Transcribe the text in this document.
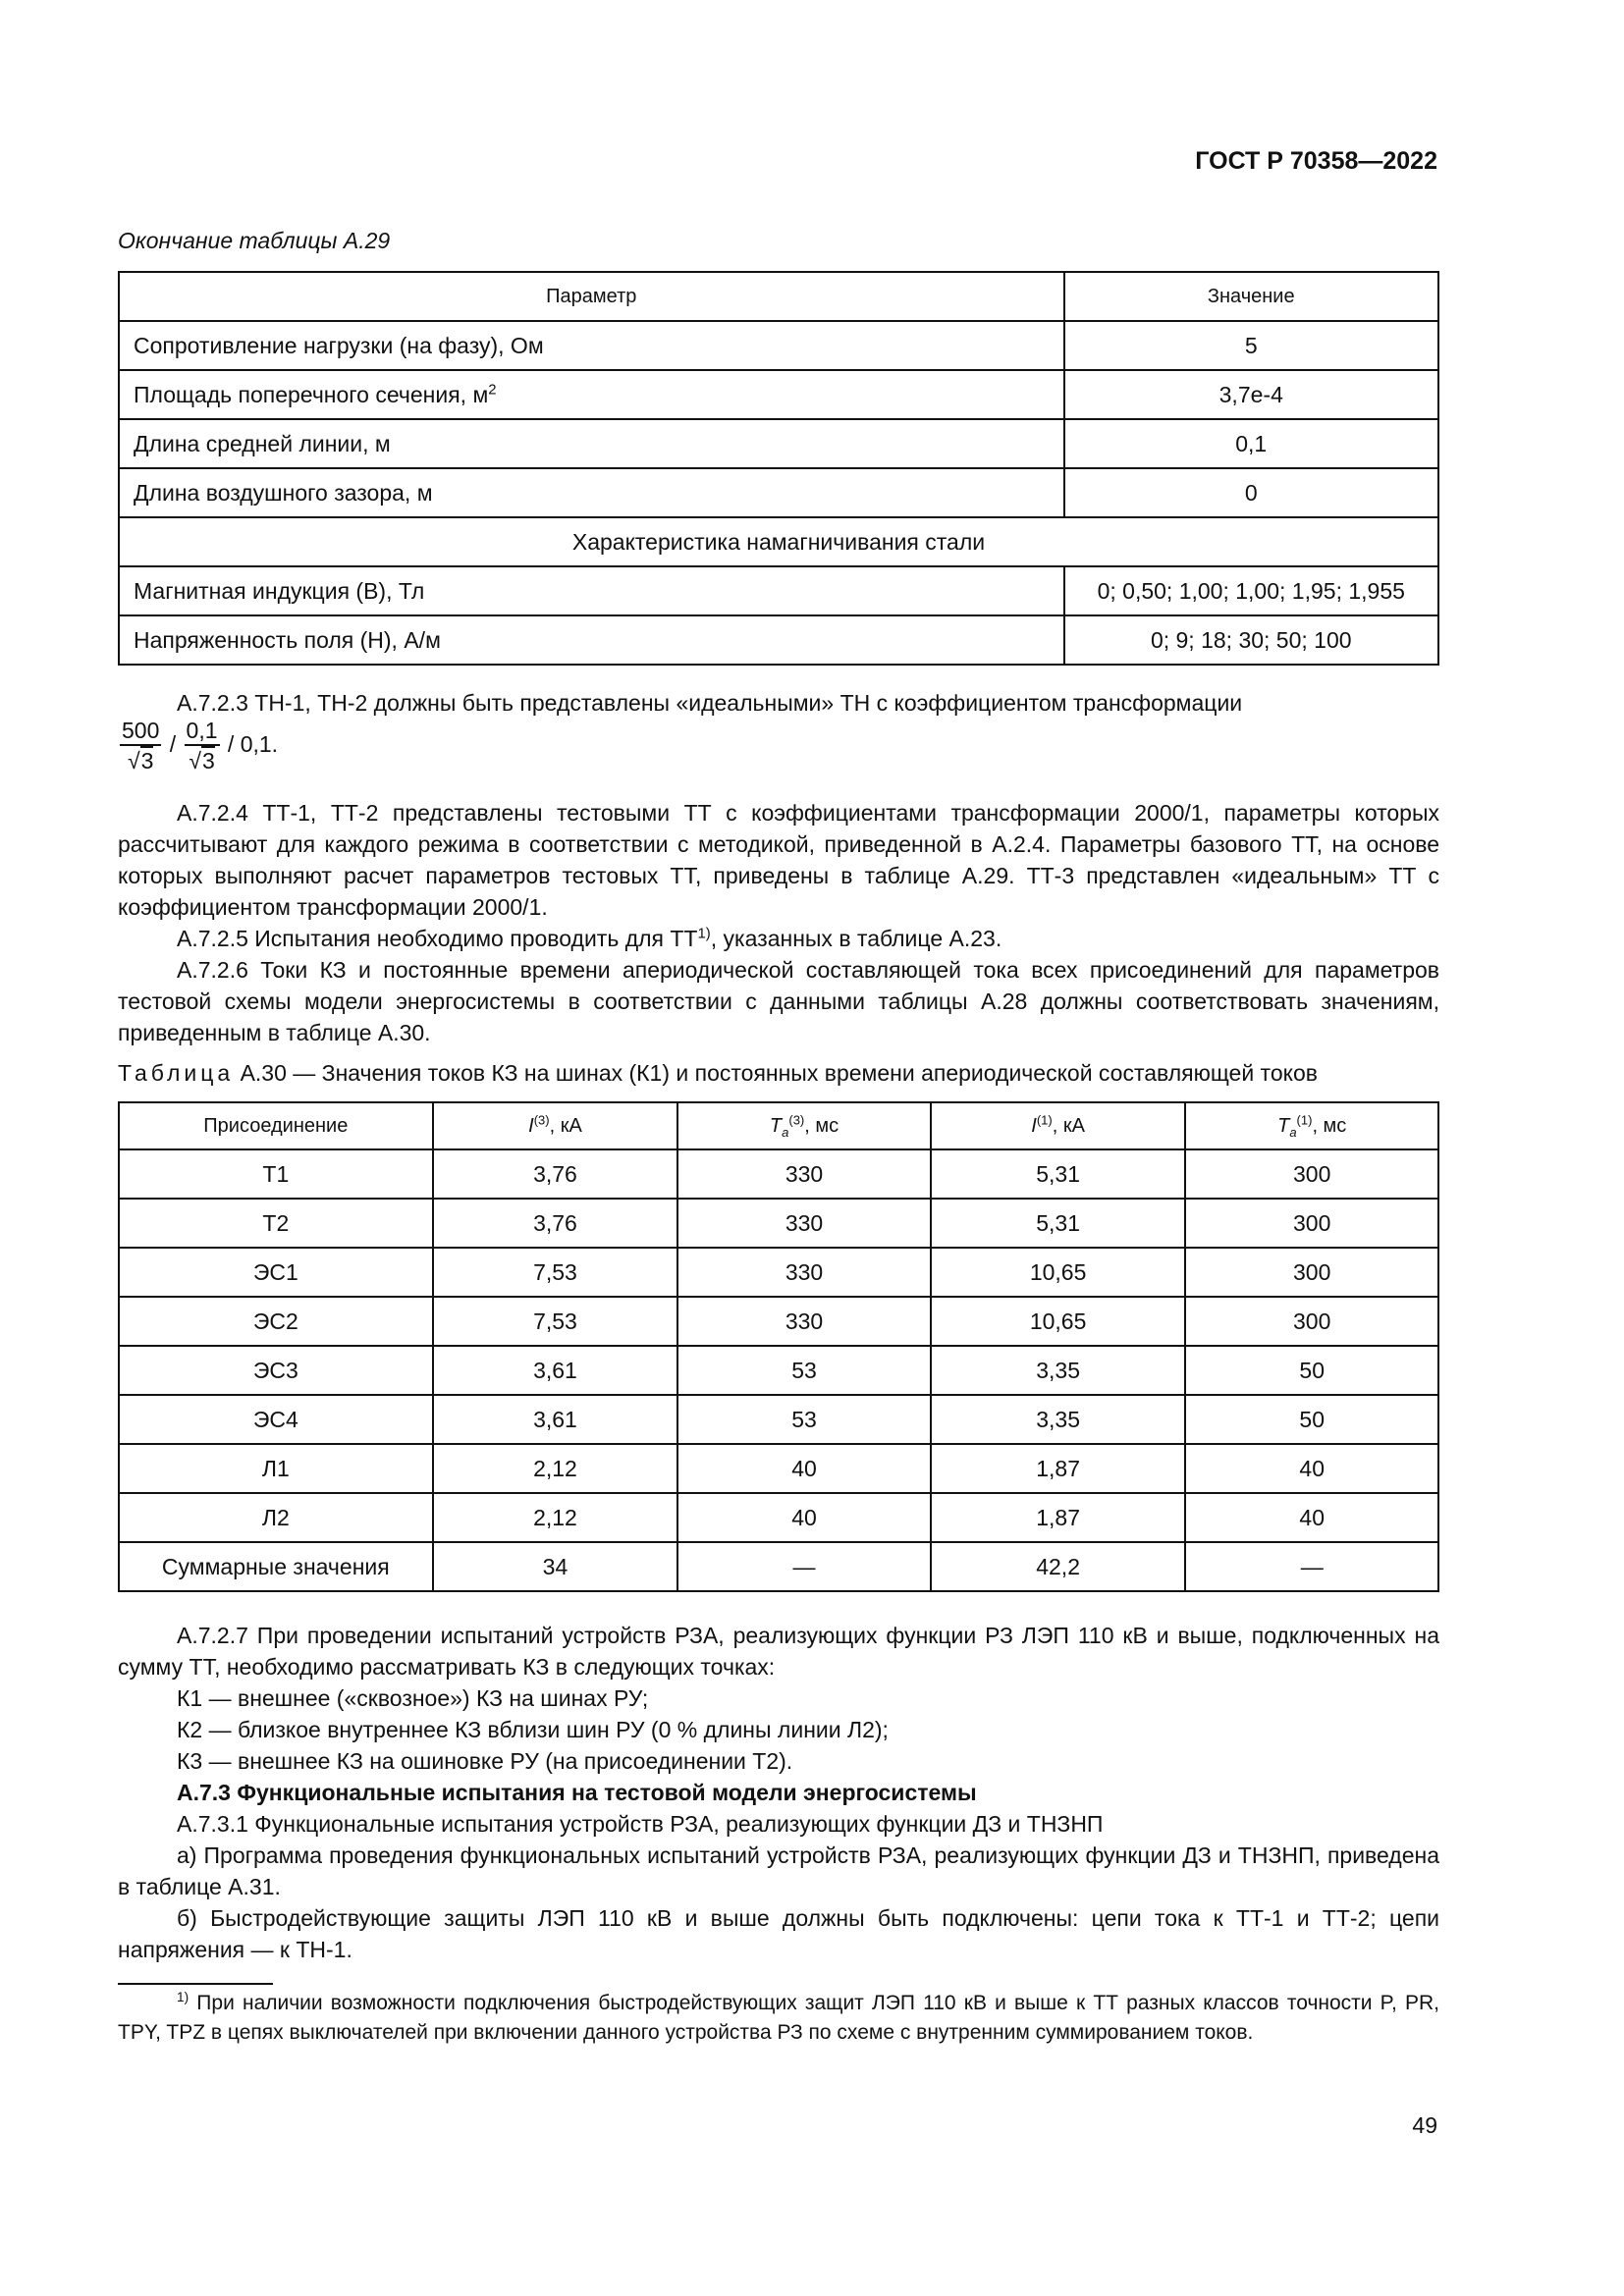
ГОСТ Р 70358—2022
Окончание таблицы А.29
Параметр	Значение
Сопротивление нагрузки (на фазу), Ом	5
Площадь поперечного сечения, $м^2$	3,7е-4
Длина средней линии, м	0,1
Длина воздушного зазора, м	0
Характеристика намагничивания стали	
Магнитная индукция (B), Тл	0; 0,50; 1,00; 1,00; 1,95; 1,955
Напряженность поля (H), А/м	0; 9; 18; 30; 50; 100
А.7.2.3 ТН-1, ТН-2 должны быть представлены «идеальными» ТН с коэффициентом трансформации
$\frac{500}{√3} / \frac{0,1}{√3} / 0,1$.
А.7.2.4 ТТ-1, ТТ-2 представлены тестовыми ТТ с коэффициентами трансформации 2000/1, параметры которых рассчитывают для каждого режима в соответствии с методикой, приведенной в А.2.4. Параметры базового ТТ, на основе которых выполняют расчет параметров тестовых ТТ, приведены в таблице А.29. ТТ-3 представлен «идеальным» ТТ с коэффициентом трансформации 2000/1.
А.7.2.5 Испытания необходимо проводить для ТТ$^{1)}$, указанных в таблице А.23.
А.7.2.6 Токи КЗ и постоянные времени апериодической составляющей тока всех присоединений для параметров тестовой схемы модели энергосистемы в соответствии с данными таблицы А.28 должны соответствовать значениям, приведенным в таблице А.30.
Таблица А.30 — Значения токов КЗ на шинах (К1) и постоянных времени апериодической составляющей токов
Присоединение	$I^{(3)}$, кА	$T_a^{(3)}$, мс	$I^{(1)}$, кА	$T_a^{(1)}$, мс
Т1	3,76	330	5,31	300
Т2	3,76	330	5,31	300
ЭС1	7,53	330	10,65	300
ЭС2	7,53	330	10,65	300
ЭС3	3,61	53	3,35	50
ЭС4	3,61	53	3,35	50
Л1	2,12	40	1,87	40
Л2	2,12	40	1,87	40
Суммарные значения	34	—	42,2	—
А.7.2.7 При проведении испытаний устройств РЗА, реализующих функции РЗ ЛЭП 110 кВ и выше, подключенных на сумму ТТ, необходимо рассматривать КЗ в следующих точках:
К1 — внешнее («сквозное») КЗ на шинах РУ;
К2 — близкое внутреннее КЗ вблизи шин РУ (0 % длины линии Л2);
К3 — внешнее КЗ на ошиновке РУ (на присоединении Т2).
А.7.3 Функциональные испытания на тестовой модели энергосистемы
А.7.3.1 Функциональные испытания устройств РЗА, реализующих функции ДЗ и ТНЗНП
а) Программа проведения функциональных испытаний устройств РЗА, реализующих функции ДЗ и ТНЗНП, приведена в таблице А.31.
б) Быстродействующие защиты ЛЭП 110 кВ и выше должны быть подключены: цепи тока к ТТ-1 и ТТ-2; цепи напряжения — к ТН-1.
$^{1)}$ При наличии возможности подключения быстродействующих защит ЛЭП 110 кВ и выше к ТТ разных классов точности P, PR, TPY, TPZ в цепях выключателей при включении данного устройства РЗ по схеме с внутренним суммированием токов.
49
